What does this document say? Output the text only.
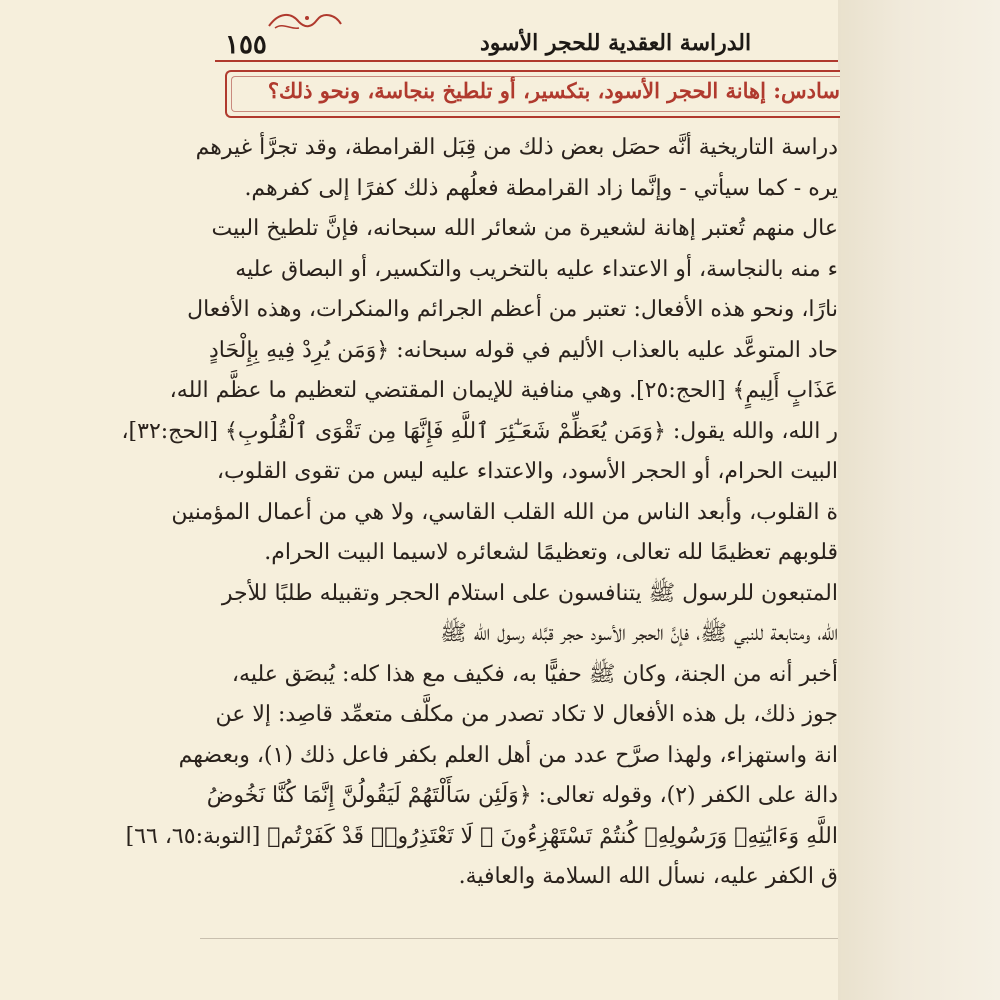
١٥٥	الدراسة العقدية للحجر الأسود
سادس: إهانة الحجر الأسود، بتكسير، أو تلطيخ بنجاسة، ونحو ذلك؟
دراسة التاريخية أنَّه حصَل بعض ذلك من قِبَل القرامطة، وقد تجرَّأ غيرهم
يره - كما سيأتي - وإنَّما زاد القرامطة فعلُهم ذلك كفرًا إلى كفرهم.
عال منهم تُعتبر إهانة لشعيرة من شعائر الله سبحانه، فإنَّ تلطيخ البيت
ء منه بالنجاسة، أو الاعتداء عليه بالتخريب والتكسير، أو البصاق عليه
نارًا، ونحو هذه الأفعال: تعتبر من أعظم الجرائم والمنكرات، وهذه الأفعال
حاد المتوعَّد عليه بالعذاب الأليم في قوله سبحانه: ﴿وَمَن يُرِدْ فِيهِ بِإِلْحَادٍ
عَذَابٍ أَلِيمٍ﴾ [الحج:٢٥]. وهي منافية للإيمان المقتضي لتعظيم ما عظَّم الله،
ر الله، والله يقول: ﴿وَمَن يُعَظِّمْ شَعَـٰٓئِرَ ٱللَّهِ فَإِنَّهَا مِن تَقْوَى ٱلْقُلُوبِ﴾ [الحج:٣٢]،
البيت الحرام، أو الحجر الأسود، والاعتداء عليه ليس من تقوى القلوب،
ة القلوب، وأبعد الناس من الله القلب القاسي، ولا هي من أعمال المؤمنين
قلوبهم تعظيمًا لله تعالى، وتعظيمًا لشعائره لاسيما البيت الحرام.
المتبعون للرسول ﷺ يتنافسون على استلام الحجر وتقبيله طلبًا للأجر
الله، ومتابعة للنبي ﷺ، فإنَّ الحجر الأسود حجر قبَّله رسول الله ﷺ
أخبر أنه من الجنة، وكان ﷺ حفيًّا به، فكيف مع هذا كله: يُبصَق عليه،
جوز ذلك، بل هذه الأفعال لا تكاد تصدر من مكلَّف متعمِّد قاصِد: إلا عن
انة واستهزاء، ولهذا صرَّح عدد من أهل العلم بكفر فاعل ذلك (١)، وبعضهم
دالة على الكفر (٢)، وقوله تعالى: ﴿وَلَئِن سَأَلْتَهُمْ لَيَقُولُنَّ إِنَّمَا كُنَّا نَخُوضُ
اللَّهِ وَءَايَٰتِهِۦ وَرَسُولِهِۦ كُنتُمْ تَسْتَهْزِءُونَ ۞ لَا تَعْتَذِرُوا۟ قَدْ كَفَرْتُم﴾ [التوبة:٦٥، ٦٦]
ق الكفر عليه، نسأل الله السلامة والعافية.
